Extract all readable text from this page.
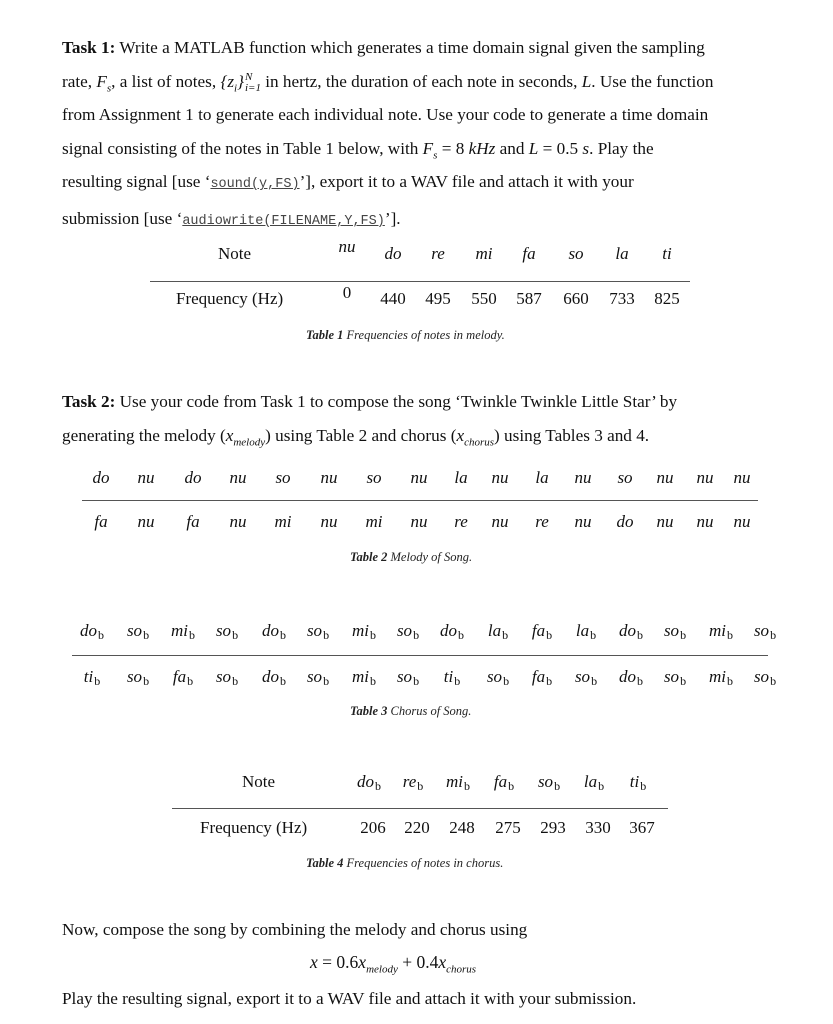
Task 1: Write a MATLAB function which generates a time domain signal given the sampling
rate, $F_s$, a list of notes, $\{z_i\}$ N
i=1 in hertz, the duration of each note in seconds, L. Use the function
from Assignment 1 to generate each individual note. Use your code to generate a time domain
signal consisting of the notes in Table 1 below, with $F_s = 8$ kHz and L = 0.5 s. Play the
resulting signal [use ‘sound(y,FS)’], export it to a WAV file and attach it with your
submission [use ‘audiowrite(FILENAME,Y,FS)’].
Note	nu do re mi fa so la ti
Frequency (Hz)	0 440 495 550 587 660 733 825
Table 1 Frequencies of notes in melody.
Task 2: Use your code from Task 1 to compose the song ‘Twinkle Twinkle Little Star’ by
generating the melody $(x_{melody})$ using Table 2 and chorus $(x_{chorus})$ using Tables 3 and 4.
do nu do nu so nu so nu la nu la nu so nu nu nu
fa nu fa nu mi nu mi nu re nu re nu do nu nu nu
Table 2 Melody of Song.
dob sob mib sob dob sob mib sob dob lab fab lab dob sob mib sob
tib sob fab sob dob sob mib sob tib sob fab sob dob sob mib sob
Table 3 Chorus of Song.
Note	dob reb mib fab sob lab tib
Frequency (Hz)	206 220 248 275 293 330 367
Table 4 Frequencies of notes in chorus.
Now, compose the song by combining the melody and chorus using
$x = 0.6x_{melody} + 0.4x_{chorus}$
Play the resulting signal, export it to a WAV file and attach it with your submission.
